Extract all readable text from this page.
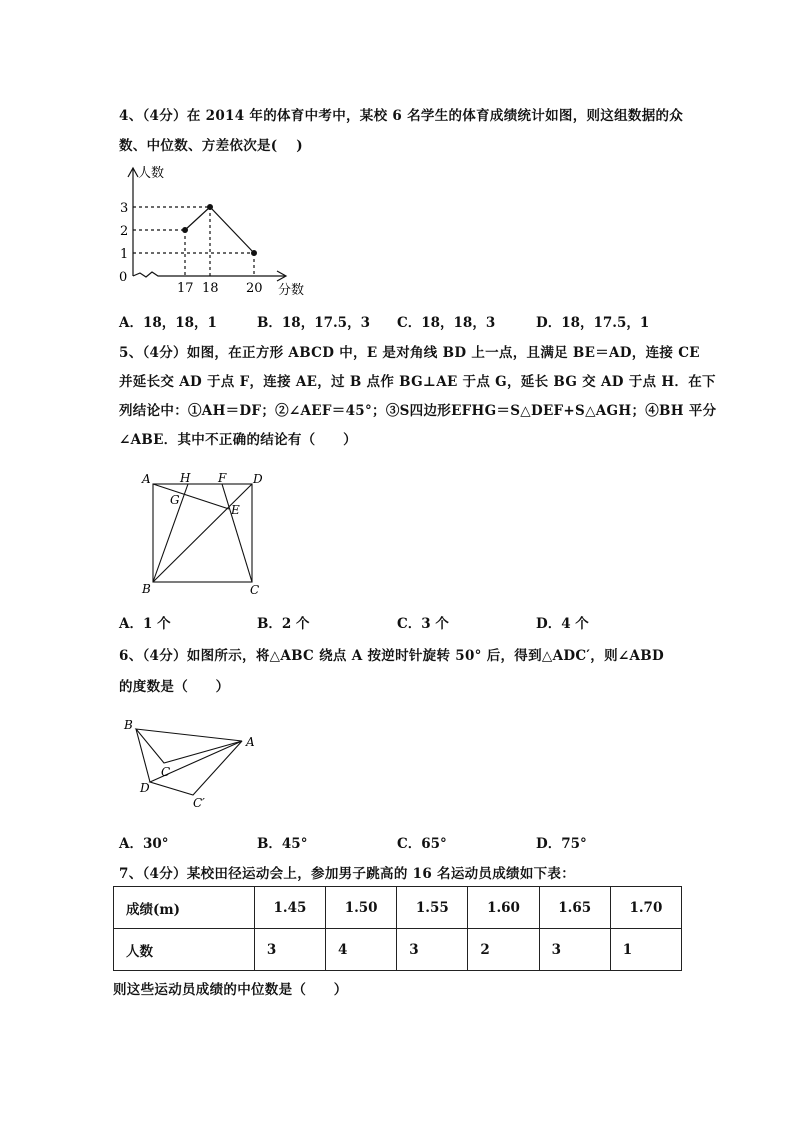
4、（4分）在 2014 年的体育中考中，某校 6 名学生的体育成绩统计如图，则这组数据的众
数、中位数、方差依次是(　 )
人数
分数
0
1
2
3
17 18 20
A．18，18，1	B．18，17.5，3 C．18，18，3	D．18，17.5，1
5、（4分）如图，在正方形 ABCD 中，E 是对角线 BD 上一点，且满足 BE＝AD，连接 CE
并延长交 AD 于点 F，连接 AE，过 B 点作 BG⊥AE 于点 G，延长 BG 交 AD 于点 H．在下
列结论中：①AH＝DF；②∠AEF＝45°；③S四边形EFHG＝S△DEF+S△AGH；④BH 平分
∠ABE．其中不正确的结论有（　　）
A H F D
G
E
B	C
A．1 个	B．2 个	C．3 个	D．4 个
6、（4分）如图所示，将△ABC 绕点 A 按逆时针旋转 50° 后，得到△ADC′，则∠ABD
的度数是（　　）
B
A
C
D
C′
A．30°	B．45°	C．65°	D．75°
7、（4分）某校田径运动会上，参加男子跳高的 16 名运动员成绩如下表：
成绩(m)	1.45	1.50	1.55	1.60	1.65	1.70
人数	3	4	3	2	3	1
则这些运动员成绩的中位数是（　　）
